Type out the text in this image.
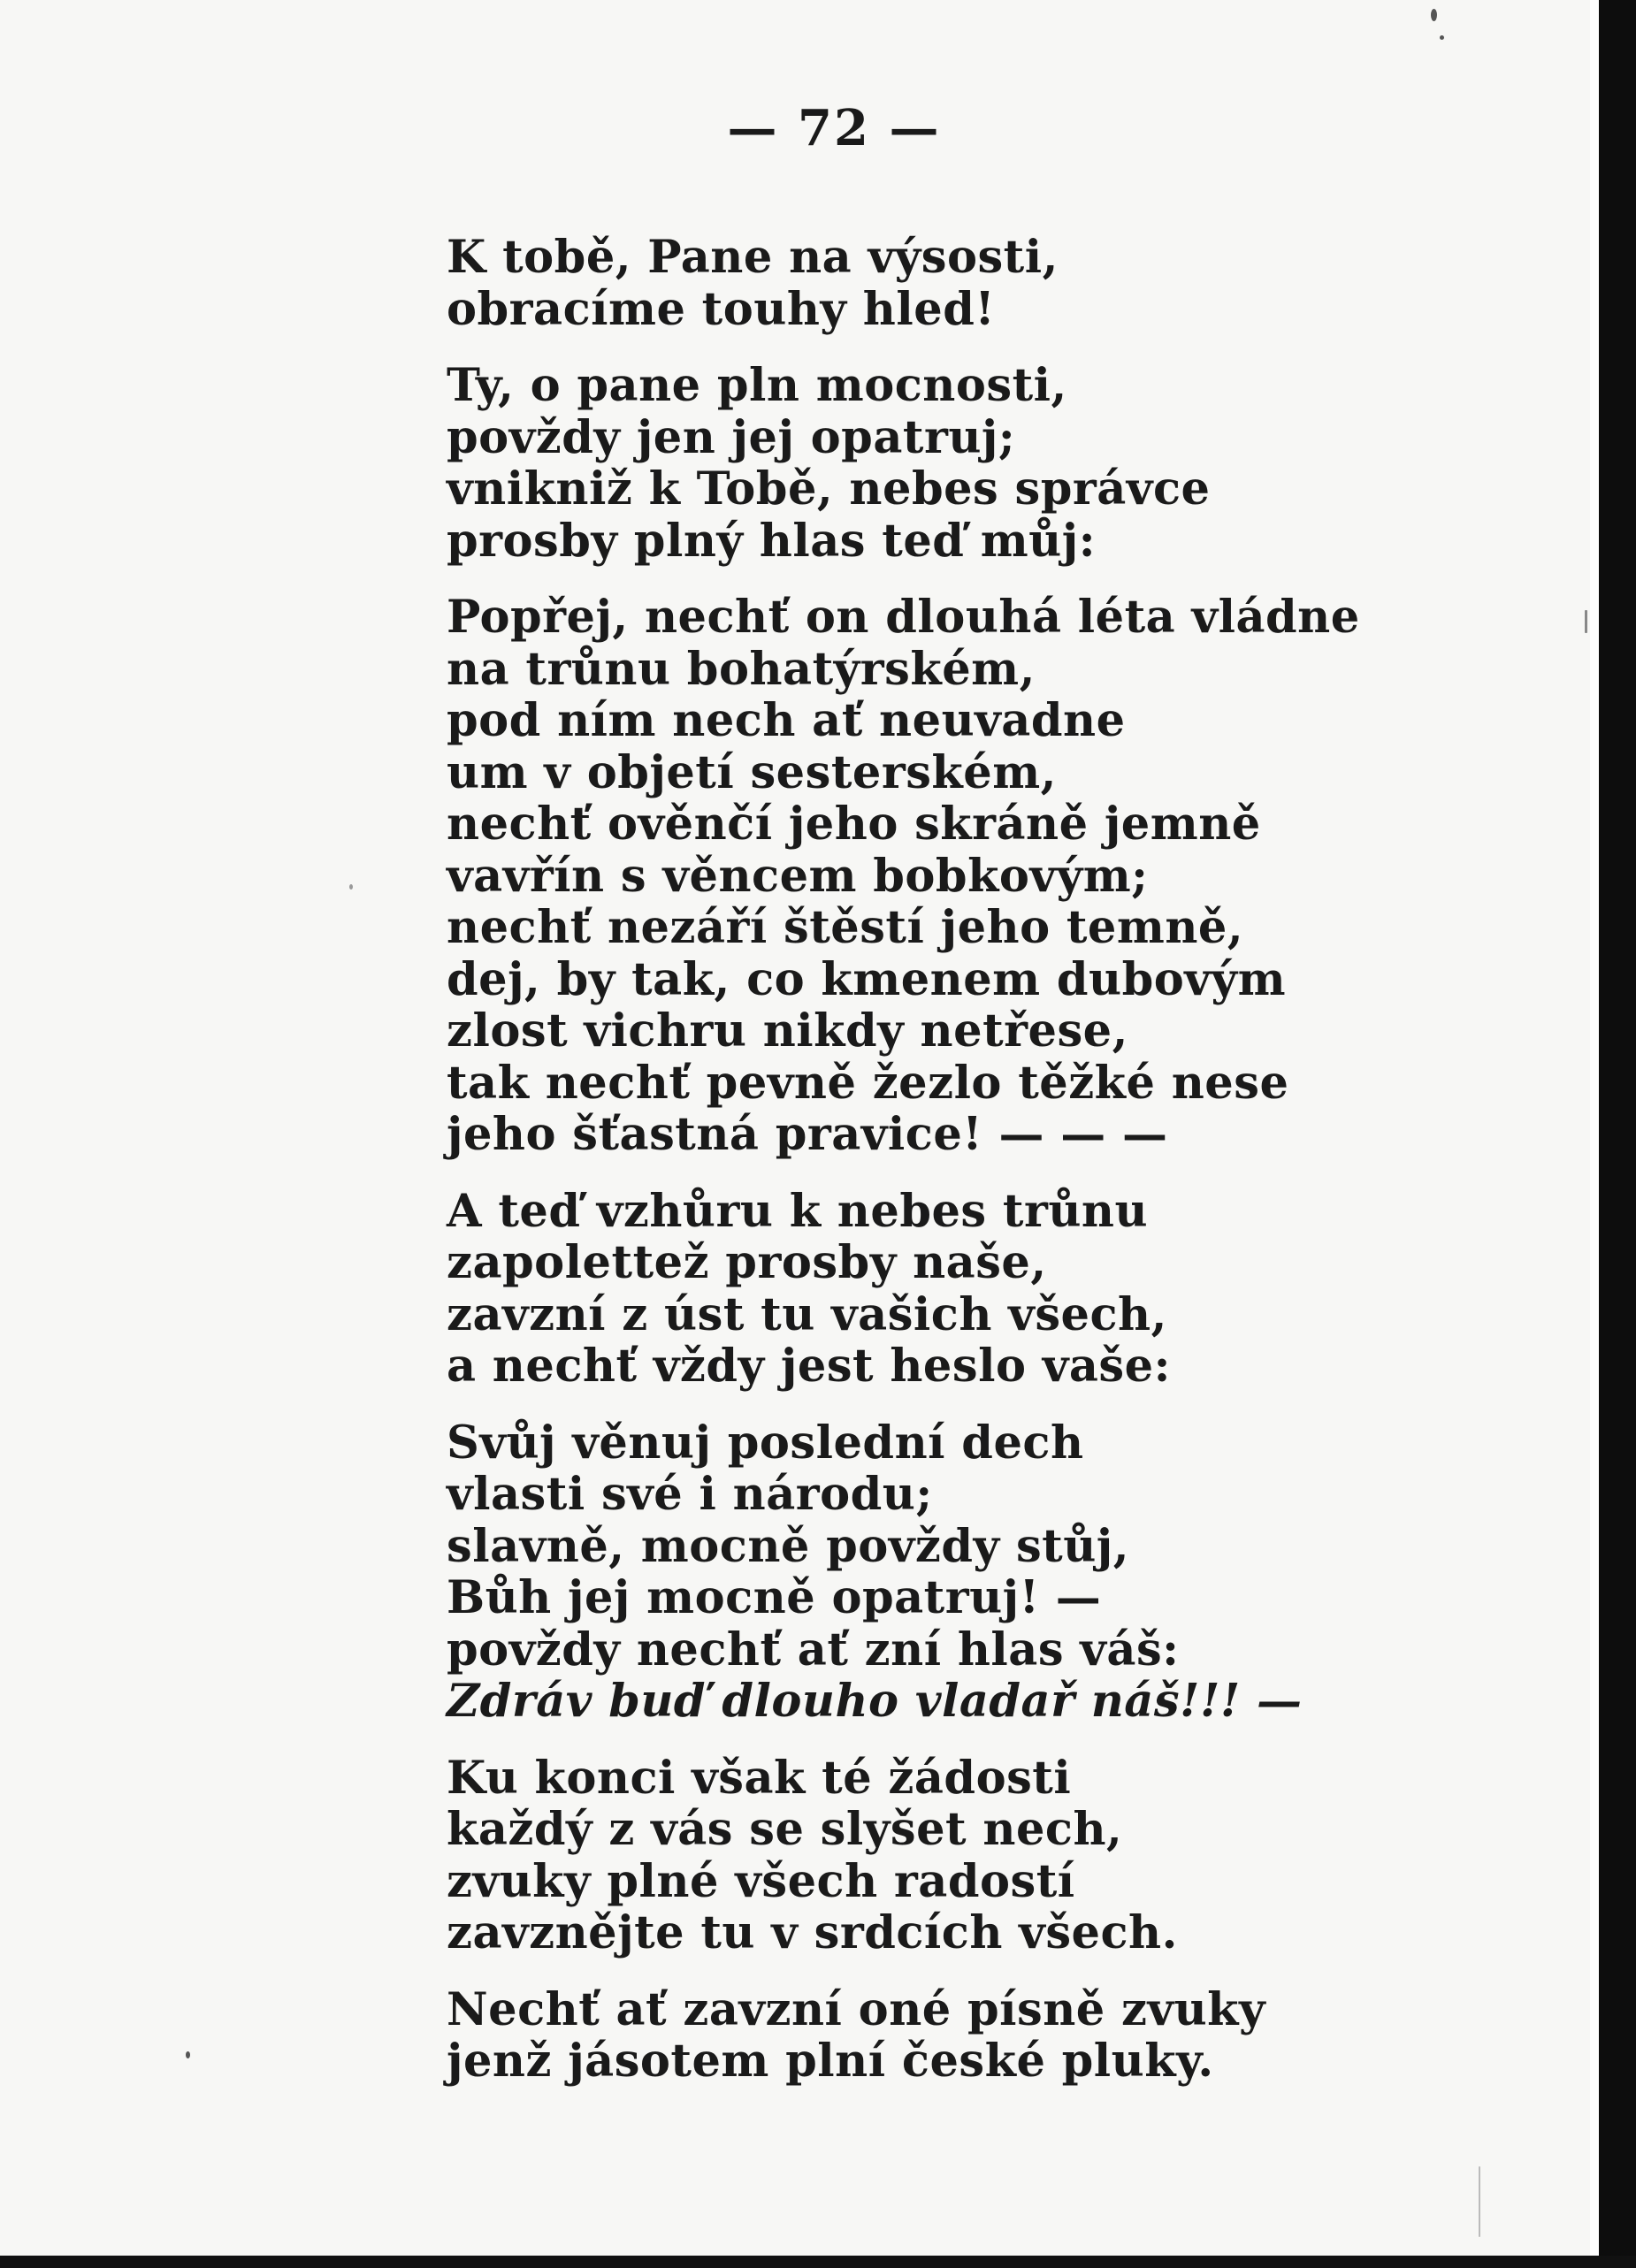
— 72 —
K tobě, Pane na výsosti,
obracíme touhy hled!
Ty, o pane pln mocnosti,
povždy jen jej opatruj;
vnikniž k Tobě, nebes správce
prosby plný hlas teď můj:
Popřej, nechť on dlouhá léta vládne
na trůnu bohatýrském,
pod ním nech ať neuvadne
um v objetí sesterském,
nechť ověnčí jeho skráně jemně
vavřín s věncem bobkovým;
nechť nezáří štěstí jeho temně,
dej, by tak, co kmenem dubovým
zlost vichru nikdy netřese,
tak nechť pevně žezlo těžké nese
jeho šťastná pravice! — — —
A teď vzhůru k nebes trůnu
zapolettež prosby naše,
zavzní z úst tu vašich všech,
a nechť vždy jest heslo vaše:
Svůj věnuj poslední dech
vlasti své i národu;
slavně, mocně povždy stůj,
Bůh jej mocně opatruj! —
povždy nechť ať zní hlas váš:
Zdráv buď dlouho vladař náš!!! —
Ku konci však té žádosti
každý z vás se slyšet nech,
zvuky plné všech radostí
zavznějte tu v srdcích všech.
Nechť ať zavzní oné písně zvuky
jenž jásotem plní české pluky.
